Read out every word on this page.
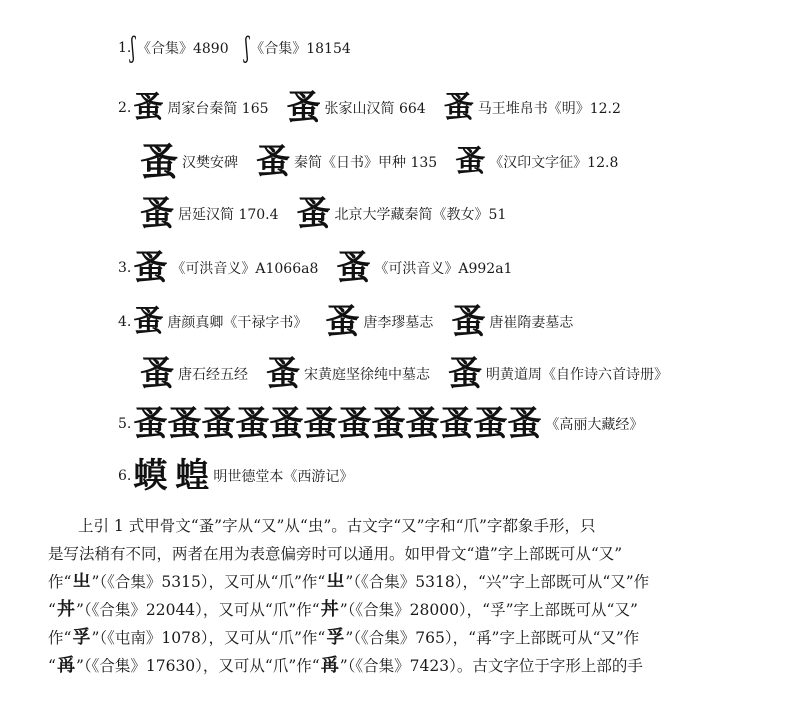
1. ʃ 《合集》4890 ʃ 《合集》18154
2. 蚤 周家台秦简 165 蚤 张家山汉简 664 蚤 马王堆帛书《明》12.2
蚤 汉樊安碑 蚤 秦简《日书》甲种 135 蚤 《汉印文字征》12.8
蚤 居延汉简 170.4 蚤 北京大学藏秦简《教女》51
3. 蚤 《可洪音义》A1066a8 蚤 《可洪音义》A992a1
4. 蚤 唐颜真卿《干禄字书》 蚤 唐李璆墓志 蚤 唐崔隋妻墓志
蚤 唐石经五经 蚤 宋黄庭坚徐纯中墓志 蚤 明黄道周《自作诗六首诗册》
5. 蚤 蚤 蚤 蚤 蚤 蚤 蚤 蚤 蚤 蚤 蚤 蚤 《高丽大藏经》
6. 蟆 蝗 明世德堂本《西游记》
上引 1 式甲骨文“蚤”字从“又”从“虫”。古文字“又”字和“爪”字都象手形，只
是写法稍有不同，两者在用为表意偏旁时可以通用。如甲骨文“遣”字上部既可从“又”
作“ 㞢 ”（《合集》5315），又可从“爪”作“ 㞢 ”（《合集》5318），“兴”字上部既可从“又”作
“ 丼 ”（《合集》22044），又可从“爪”作“ 丼 ”（《合集》28000），“孚”字上部既可从“又”
作“ 孚 ”（《屯南》1078），又可从“爪”作“ 孚 ”（《合集》765），“爯”字上部既可从“又”作
“ 爯 ”（《合集》17630），又可从“爪”作“ 爯 ”（《合集》7423）。古文字位于字形上部的手
